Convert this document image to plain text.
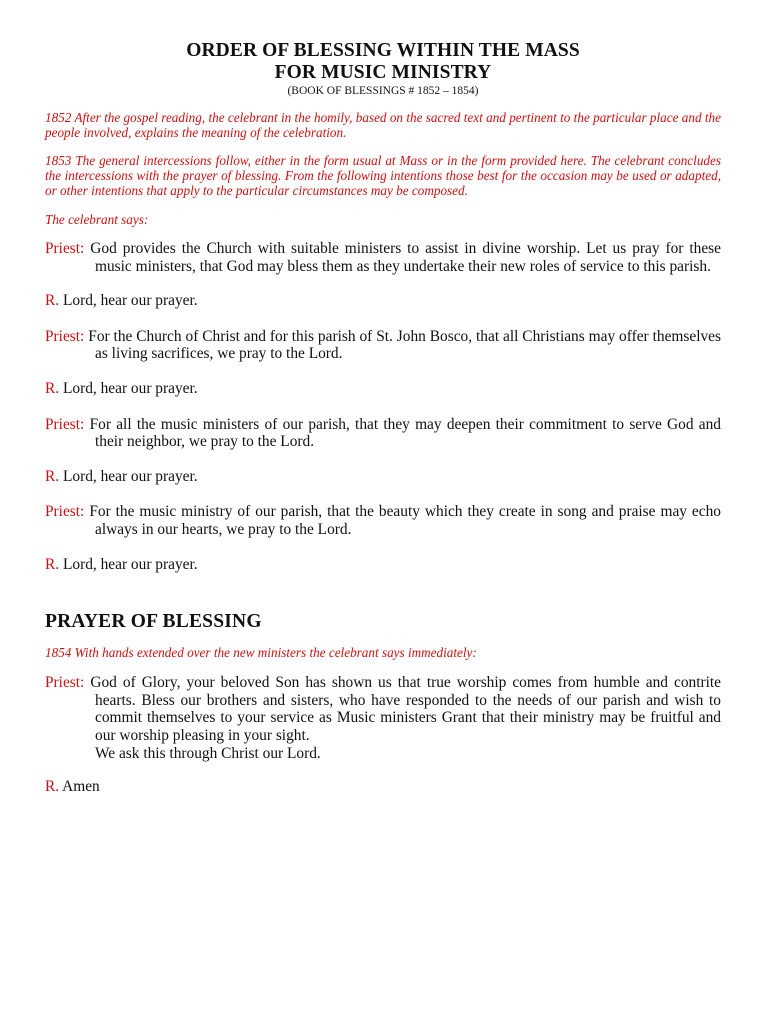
ORDER OF BLESSING WITHIN THE MASS

FOR MUSIC MINISTRY

(BOOK OF BLESSINGS # 1852 – 1854)

1852 After the gospel reading, the celebrant in the homily, based on the sacred text and pertinent to the particular place and the people involved, explains the meaning of the celebration.

1853 The general intercessions follow, either in the form usual at Mass or in the form provided here. The celebrant concludes the intercessions with the prayer of blessing. From the following intentions those best for the occasion may be used or adapted, or other intentions that apply to the particular circumstances may be composed.

The celebrant says:

Priest: God provides the Church with suitable ministers to assist in divine worship. Let us pray for these music ministers, that God may bless them as they undertake their new roles of service to this parish.

R. Lord, hear our prayer.

Priest: For the Church of Christ and for this parish of St. John Bosco, that all Christians may offer themselves as living sacrifices, we pray to the Lord.

R. Lord, hear our prayer.

Priest: For all the music ministers of our parish, that they may deepen their commitment to serve God and their neighbor, we pray to the Lord.

R. Lord, hear our prayer.

Priest: For the music ministry of our parish, that the beauty which they create in song and praise may echo always in our hearts, we pray to the Lord.

R. Lord, hear our prayer.

PRAYER OF BLESSING

1854 With hands extended over the new ministers the celebrant says immediately:

Priest: God of Glory, your beloved Son has shown us that true worship comes from humble and contrite hearts. Bless our brothers and sisters, who have responded to the needs of our parish and wish to commit themselves to your service as Music ministers Grant that their ministry may be fruitful and our worship pleasing in your sight.
We ask this through Christ our Lord.

R. Amen
